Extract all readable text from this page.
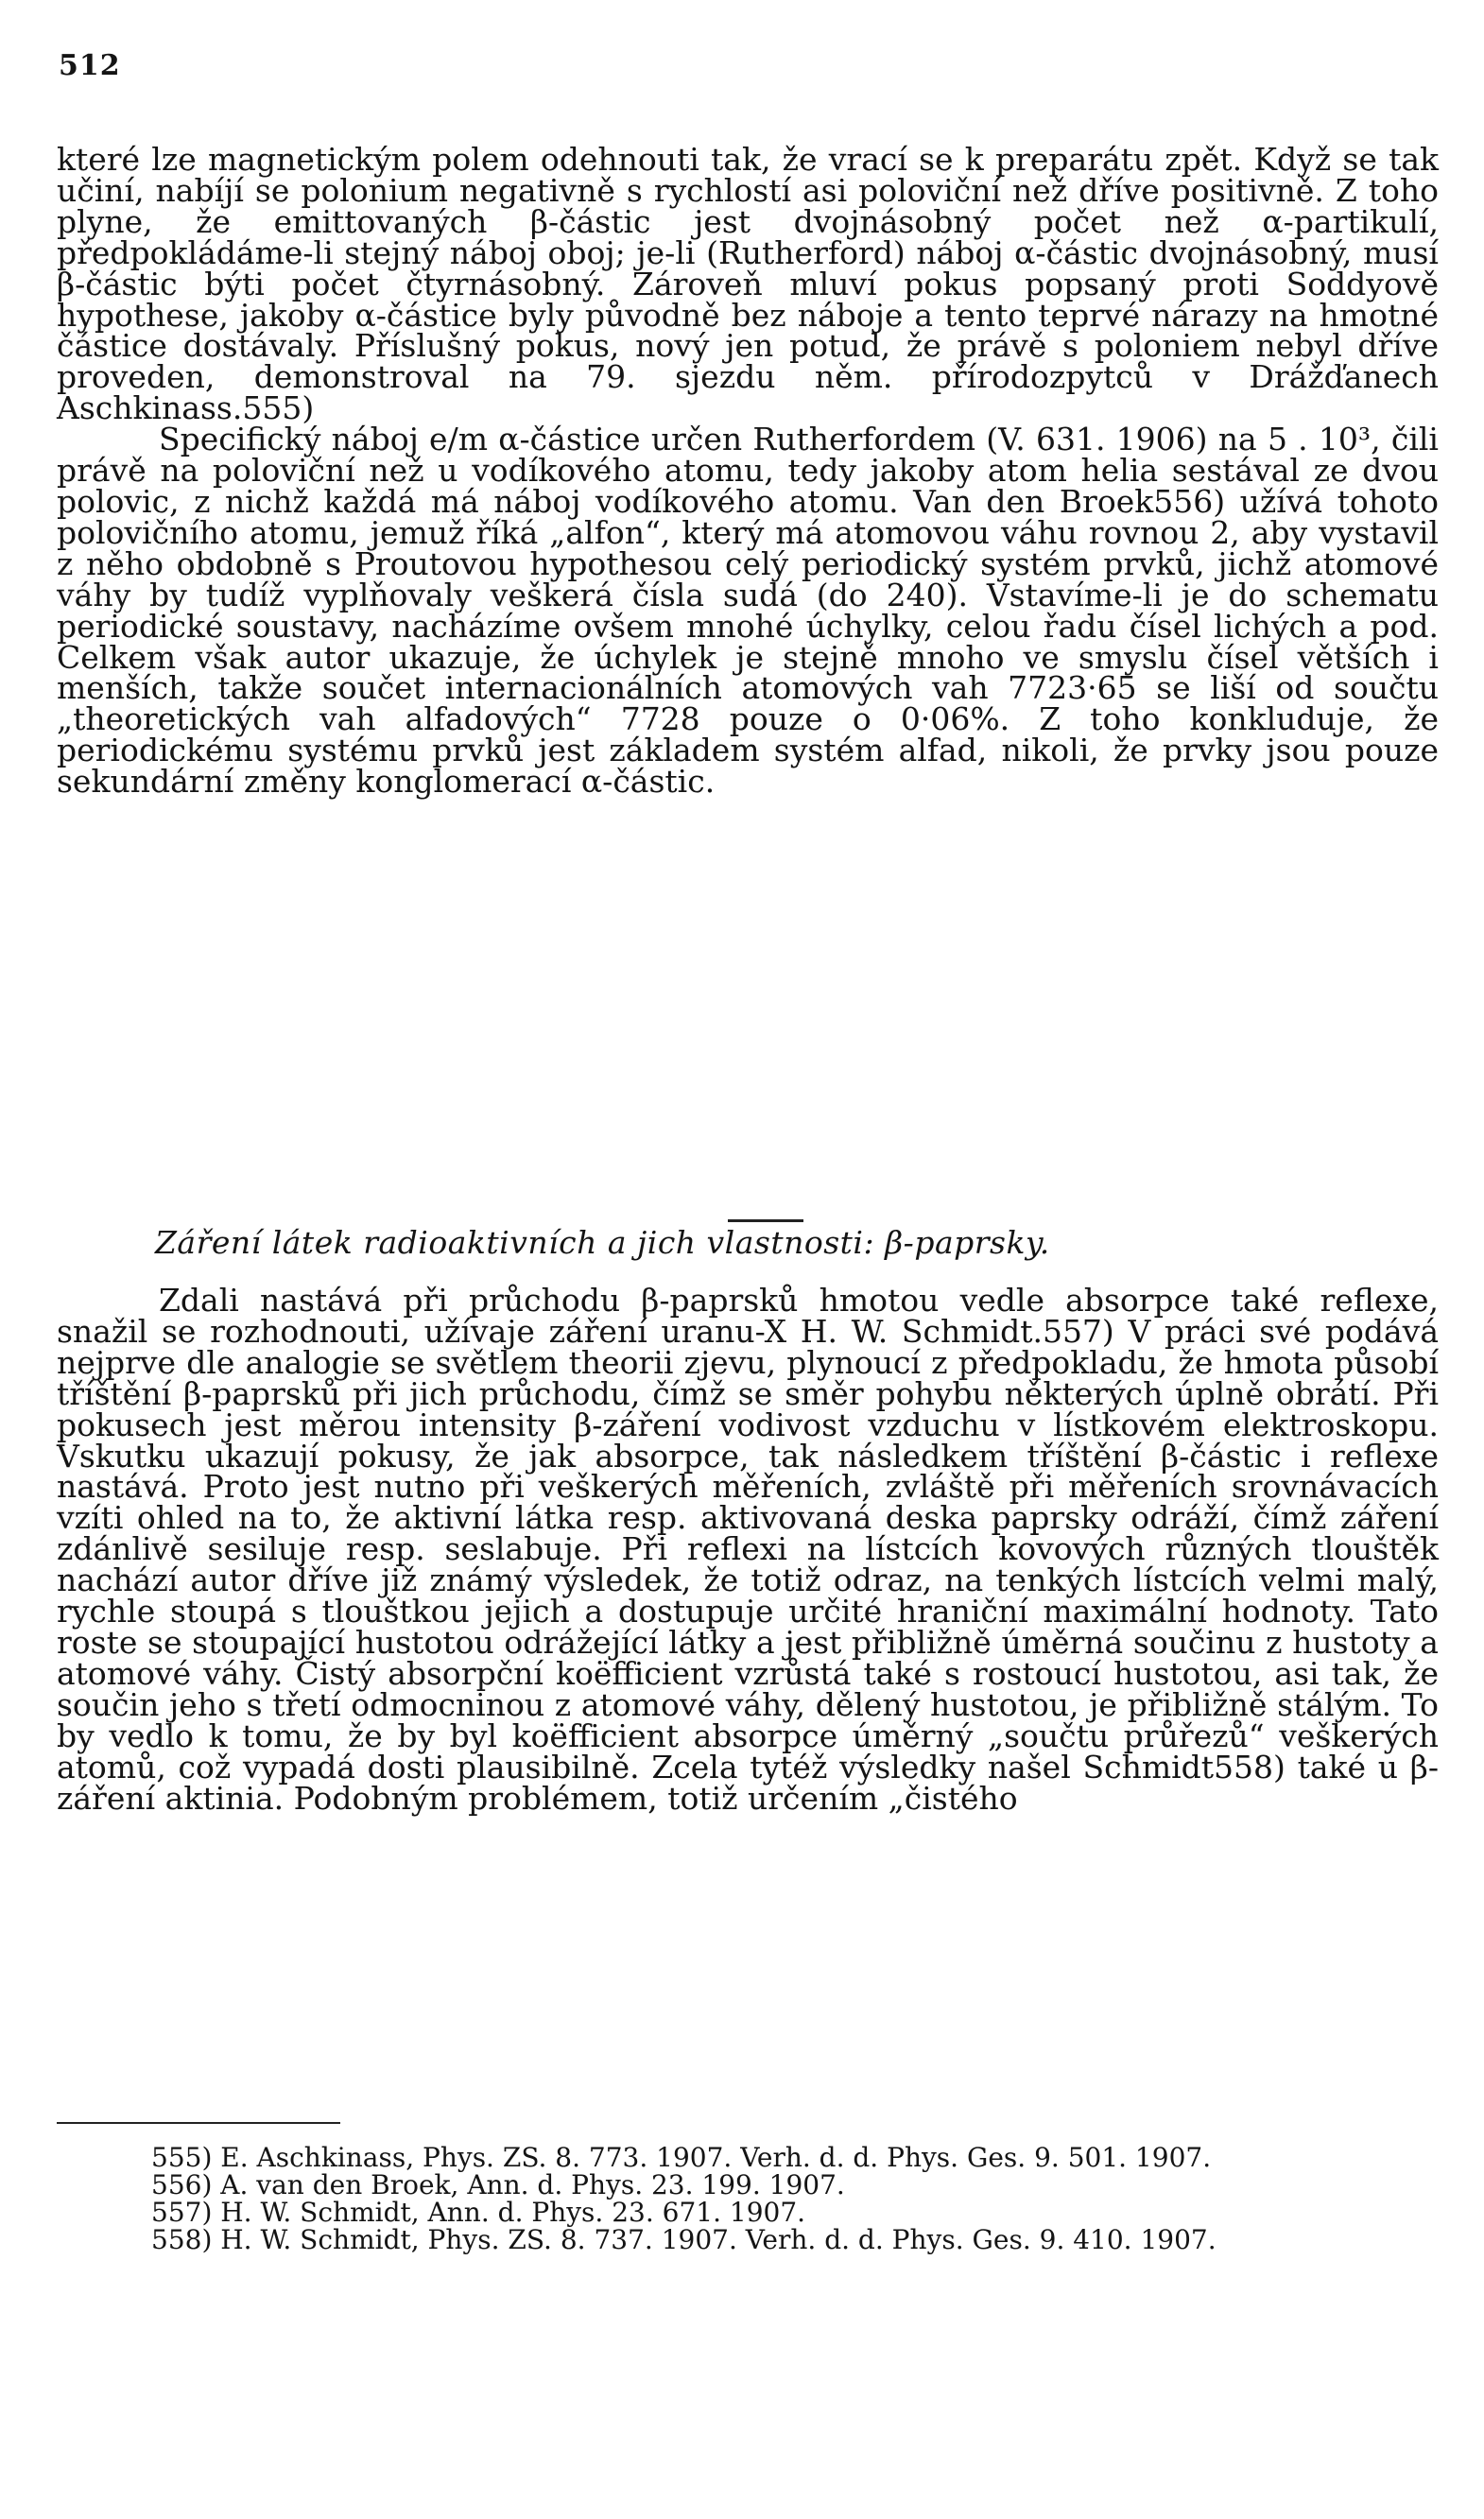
512

které lze magnetickým polem odehnouti tak, že vrací se k preparátu zpět. Když se tak učiní, nabíjí se polonium negativně s rychlostí asi poloviční než dříve positivně. Z toho plyne, že emittovaných β-částic jest dvojnásobný počet než α-partikulí, předpokládáme-li stejný náboj oboj; je-li (Rutherford) náboj α-částic dvojnásobný, musí β-částic býti počet čtyrnásobný. Zároveň mluví pokus popsaný proti Soddyově hypothese, jakoby α-částice byly původně bez náboje a tento teprvé nárazy na hmotné částice dostávaly. Příslušný pokus, nový jen potud, že právě s poloniem nebyl dříve proveden, demonstroval na 79. sjezdu něm. přírodozpytců v Drážďanech Aschkinass.555)

Specifický náboj e/m α-částice určen Rutherfordem (V. 631. 1906) na 5 . 10³, čili právě na poloviční než u vodíkového atomu, tedy jakoby atom helia sestával ze dvou polovic, z nichž každá má náboj vodíkového atomu. Van den Broek556) užívá tohoto polovičního atomu, jemuž říká „alfon“, který má atomovou váhu rovnou 2, aby vystavil z něho obdobně s Proutovou hypothesou celý periodický systém prvků, jichž atomové váhy by tudíž vyplňovaly veškerá čísla sudá (do 240). Vstavíme-li je do schematu periodické soustavy, nacházíme ovšem mnohé úchylky, celou řadu čísel lichých a pod. Celkem však autor ukazuje, že úchylek je stejně mnoho ve smyslu čísel větších i menších, takže součet internacionálních atomových vah 7723·65 se liší od součtu „theoretických vah alfadových“ 7728 pouze o 0·06%. Z toho konkluduje, že periodickému systému prvků jest základem systém alfad, nikoli, že prvky jsou pouze sekundární změny konglomerací α-částic.

Záření látek radioaktivních a jich vlastnosti: β-paprsky.

Zdali nastává při průchodu β-paprsků hmotou vedle absorpce také reflexe, snažil se rozhodnouti, užívaje záření uranu-X H. W. Schmidt.557) V práci své podává nejprve dle analogie se světlem theorii zjevu, plynoucí z předpokladu, že hmota působí tříštění β-paprsků při jich průchodu, čímž se směr pohybu některých úplně obrátí. Při pokusech jest měrou intensity β-záření vodivost vzduchu v lístkovém elektroskopu. Vskutku ukazují pokusy, že jak absorpce, tak následkem tříštění β-částic i reflexe nastává. Proto jest nutno při veškerých měřeních, zvláště při měřeních srovnávacích vzíti ohled na to, že aktivní látka resp. aktivovaná deska paprsky odráží, čímž záření zdánlivě sesiluje resp. seslabuje. Při reflexi na lístcích kovových různých tlouštěk nachází autor dříve již známý výsledek, že totiž odraz, na tenkých lístcích velmi malý, rychle stoupá s tlouštkou jejich a dostupuje určité hraniční maximální hodnoty. Tato roste se stoupající hustotou odrážející látky a jest přibližně úměrná součinu z hustoty a atomové váhy. Čistý absorpční koëfficient vzrůstá také s rostoucí hustotou, asi tak, že součin jeho s třetí odmocninou z atomové váhy, dělený hustotou, je přibližně stálým. To by vedlo k tomu, že by byl koëfficient absorpce úměrný „součtu průřezů“ veškerých atomů, což vypadá dosti plausibilně. Zcela tytéž výsledky našel Schmidt558) také u β-záření aktinia. Podobným problémem, totiž určením „čistého

555) E. Aschkinass, Phys. ZS. 8. 773. 1907. Verh. d. d. Phys. Ges. 9. 501. 1907.

556) A. van den Broek, Ann. d. Phys. 23. 199. 1907.

557) H. W. Schmidt, Ann. d. Phys. 23. 671. 1907.

558) H. W. Schmidt, Phys. ZS. 8. 737. 1907. Verh. d. d. Phys. Ges. 9. 410. 1907.
